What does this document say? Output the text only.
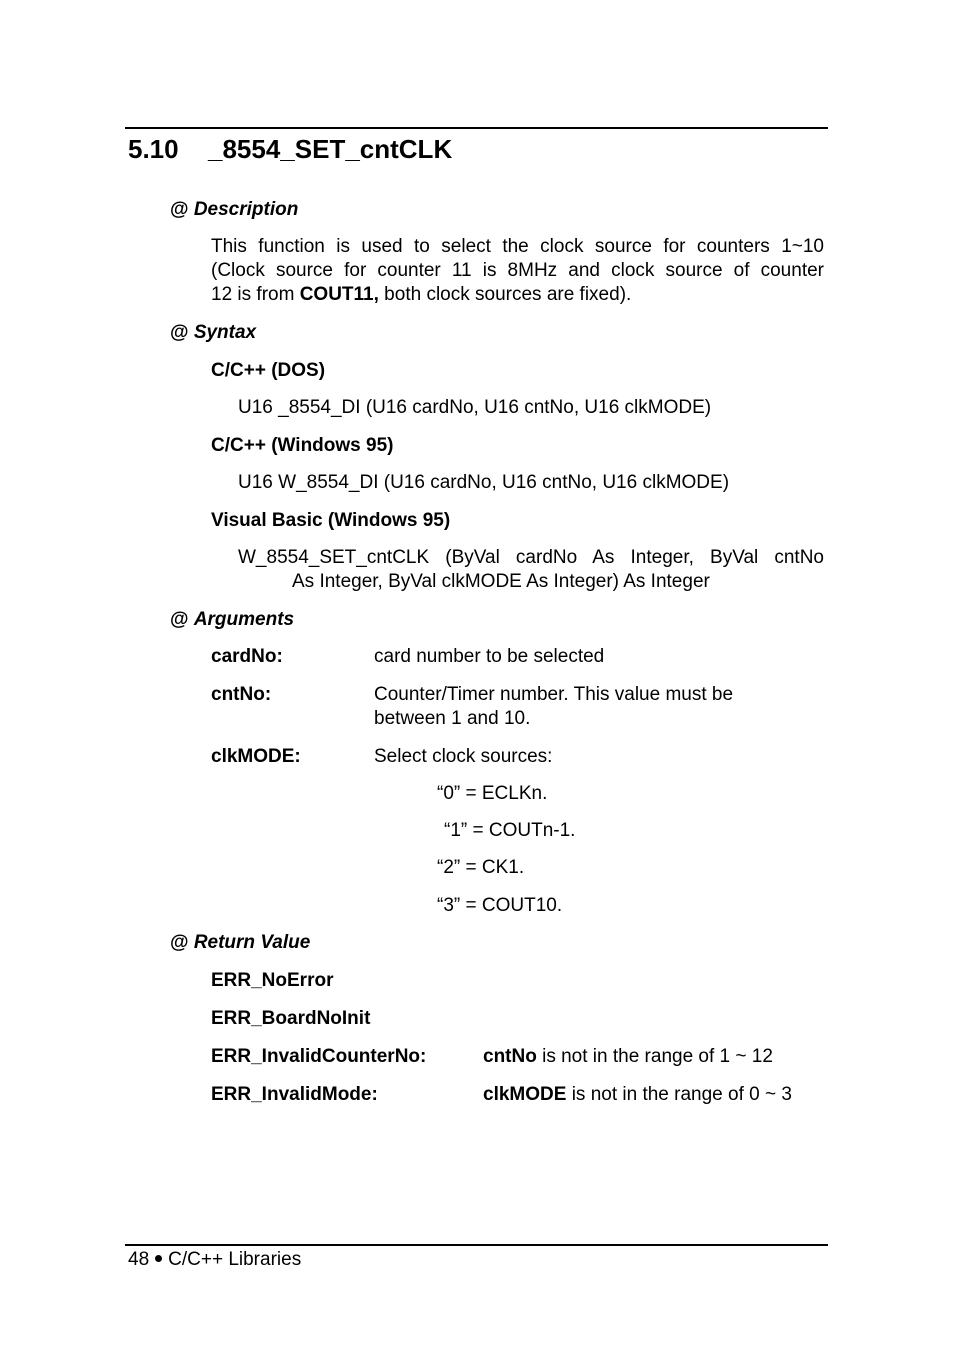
5.10 _8554_SET_cntCLK
@ Description
This function is used to select the clock source for counters 1~10
(Clock source for counter 11 is 8MHz and clock source of counter
12 is from COUT11, both clock sources are fixed).
@ Syntax
C/C++ (DOS)
U16 _8554_DI (U16 cardNo, U16 cntNo, U16 clkMODE)
C/C++ (Windows 95)
U16 W_8554_DI (U16 cardNo, U16 cntNo, U16 clkMODE)
Visual Basic (Windows 95)
W_8554_SET_cntCLK (ByVal cardNo As Integer, ByVal cntNo
As Integer, ByVal clkMODE As Integer) As Integer
@ Arguments
cardNo:	card number to be selected
cntNo:	Counter/Timer number. This value must be
between 1 and 10.
clkMODE:	Select clock sources:
“0” = ECLKn.
“1” = COUTn-1.
“2” = CK1.
“3” = COUT10.
@ Return Value
ERR_NoError
ERR_BoardNoInit
ERR_InvalidCounterNo:	cntNo is not in the range of 1 ~ 12
ERR_InvalidMode:	clkMODE is not in the range of 0 ~ 3
48 C/C++ Libraries
